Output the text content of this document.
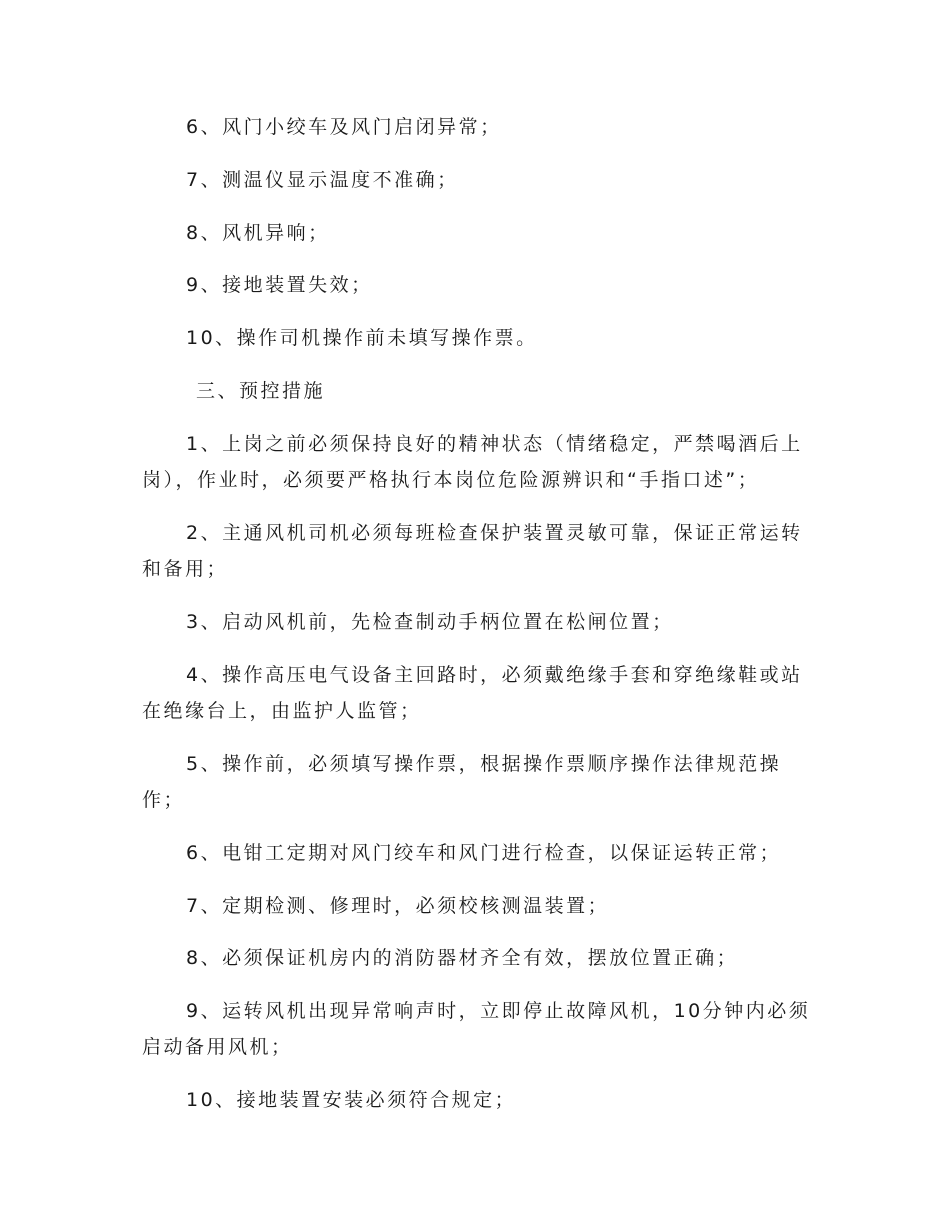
6、风门小绞车及风门启闭异常；
7、测温仪显示温度不准确；
8、风机异响；
9、接地装置失效；
10、操作司机操作前未填写操作票。
三、预控措施
1、上岗之前必须保持良好的精神状态（情绪稳定，严禁喝酒后上
岗），作业时，必须要严格执行本岗位危险源辨识和“手指口述”；
2、主通风机司机必须每班检查保护装置灵敏可靠，保证正常运转
和备用；
3、启动风机前，先检查制动手柄位置在松闸位置；
4、操作高压电气设备主回路时，必须戴绝缘手套和穿绝缘鞋或站
在绝缘台上，由监护人监管；
5、操作前，必须填写操作票，根据操作票顺序操作法律规范操
作；
6、电钳工定期对风门绞车和风门进行检查，以保证运转正常；
7、定期检测、修理时，必须校核测温装置；
8、必须保证机房内的消防器材齐全有效，摆放位置正确；
9、运转风机出现异常响声时，立即停止故障风机，10分钟内必须
启动备用风机；
10、接地装置安装必须符合规定；
